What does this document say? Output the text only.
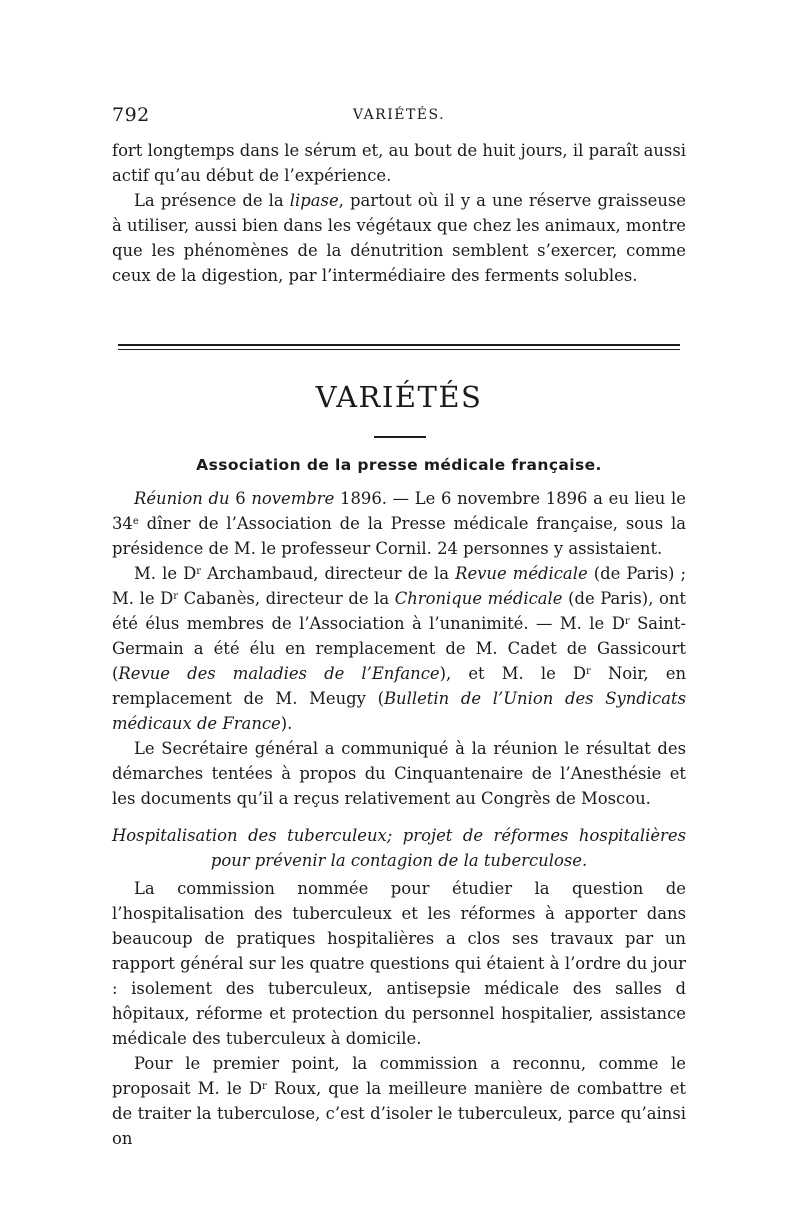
792	VARIÉTÉS.

fort longtemps dans le sérum et, au bout de huit jours, il paraît aussi actif qu’au début de l’expérience.

La présence de la lipase, partout où il y a une réserve graisseuse à utiliser, aussi bien dans les végétaux que chez les animaux, montre que les phénomènes de la dénutrition semblent s’exercer, comme ceux de la digestion, par l’intermédiaire des ferments solubles.

VARIÉTÉS
Association de la presse médicale française.

Réunion du 6 novembre 1896. — Le 6 novembre 1896 a eu lieu le 34e dîner de l’Association de la Presse médicale française, sous la présidence de M. le professeur Cornil. 24 personnes y assistaient.

M. le $D^r$ Archambaud, directeur de la Revue médicale (de Paris) ; M. le $D^r$ Cabanès, directeur de la Chronique médicale (de Paris), ont été élus membres de l’Association à l’unanimité. — M. le $D^r$ Saint-Germain a été élu en remplacement de M. Cadet de Gassicourt (Revue des maladies de l’Enfance), et M. le $D^r$ Noir, en remplacement de M. Meugy (Bulletin de l’Union des Syndicats médicaux de France).

Le Secrétaire général a communiqué à la réunion le résultat des démarches tentées à propos du Cinquantenaire de l’Anesthésie et les documents qu’il a reçus relativement au Congrès de Moscou.

Hospitalisation des tuberculeux; projet de réformes hospitalières
pour prévenir la contagion de la tuberculose.

La commission nommée pour étudier la question de l’hospitalisation des tuberculeux et les réformes à apporter dans beaucoup de pratiques hospitalières a clos ses travaux par un rapport général sur les quatre questions qui étaient à l’ordre du jour : isolement des tuberculeux, antisepsie médicale des salles d hôpitaux, réforme et protection du personnel hospitalier, assistance médicale des tuberculeux à domicile.

Pour le premier point, la commission a reconnu, comme le proposait M. le $D^r$ Roux, que la meilleure manière de combattre et de traiter la tuberculose, c’est d’isoler le tuberculeux, parce qu’ainsi on
